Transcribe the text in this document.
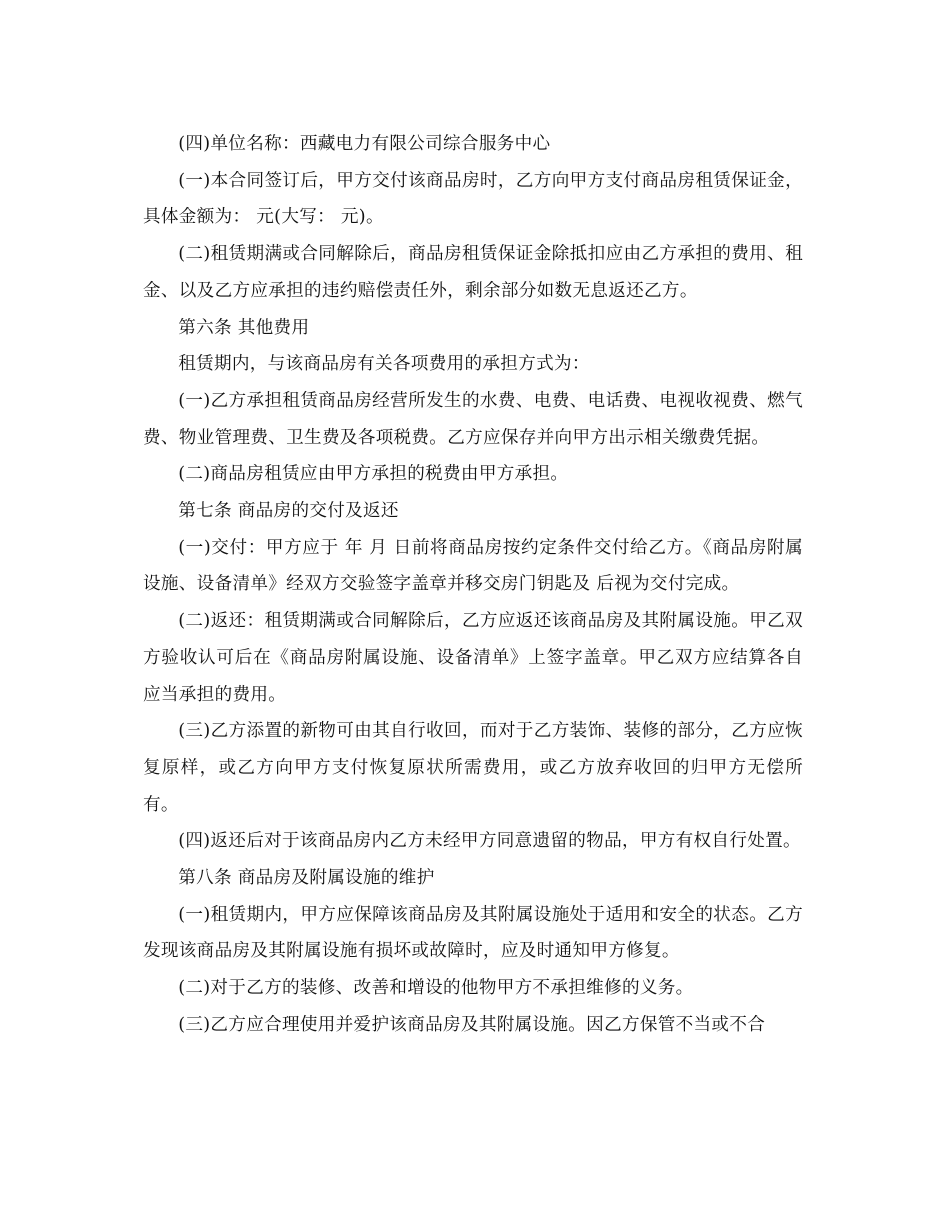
(四)单位名称：西藏电力有限公司综合服务中心

(一)本合同签订后，甲方交付该商品房时，乙方向甲方支付商品房租赁保证金，具体金额为： 元(大写： 元)。

(二)租赁期满或合同解除后，商品房租赁保证金除抵扣应由乙方承担的费用、租金、以及乙方应承担的违约赔偿责任外，剩余部分如数无息返还乙方。

第六条 其他费用

租赁期内，与该商品房有关各项费用的承担方式为：

(一)乙方承担租赁商品房经营所发生的水费、电费、电话费、电视收视费、燃气费、物业管理费、卫生费及各项税费。乙方应保存并向甲方出示相关缴费凭据。

(二)商品房租赁应由甲方承担的税费由甲方承担。

第七条 商品房的交付及返还

(一)交付：甲方应于 年 月 日前将商品房按约定条件交付给乙方。《商品房附属设施、设备清单》经双方交验签字盖章并移交房门钥匙及 后视为交付完成。

(二)返还：租赁期满或合同解除后，乙方应返还该商品房及其附属设施。甲乙双方验收认可后在《商品房附属设施、设备清单》上签字盖章。甲乙双方应结算各自应当承担的费用。

(三)乙方添置的新物可由其自行收回，而对于乙方装饰、装修的部分，乙方应恢复原样，或乙方向甲方支付恢复原状所需费用，或乙方放弃收回的归甲方无偿所有。

(四)返还后对于该商品房内乙方未经甲方同意遗留的物品，甲方有权自行处置。

第八条 商品房及附属设施的维护

(一)租赁期内，甲方应保障该商品房及其附属设施处于适用和安全的状态。乙方发现该商品房及其附属设施有损坏或故障时，应及时通知甲方修复。

(二)对于乙方的装修、改善和增设的他物甲方不承担维修的义务。

(三)乙方应合理使用并爱护该商品房及其附属设施。因乙方保管不当或不合
